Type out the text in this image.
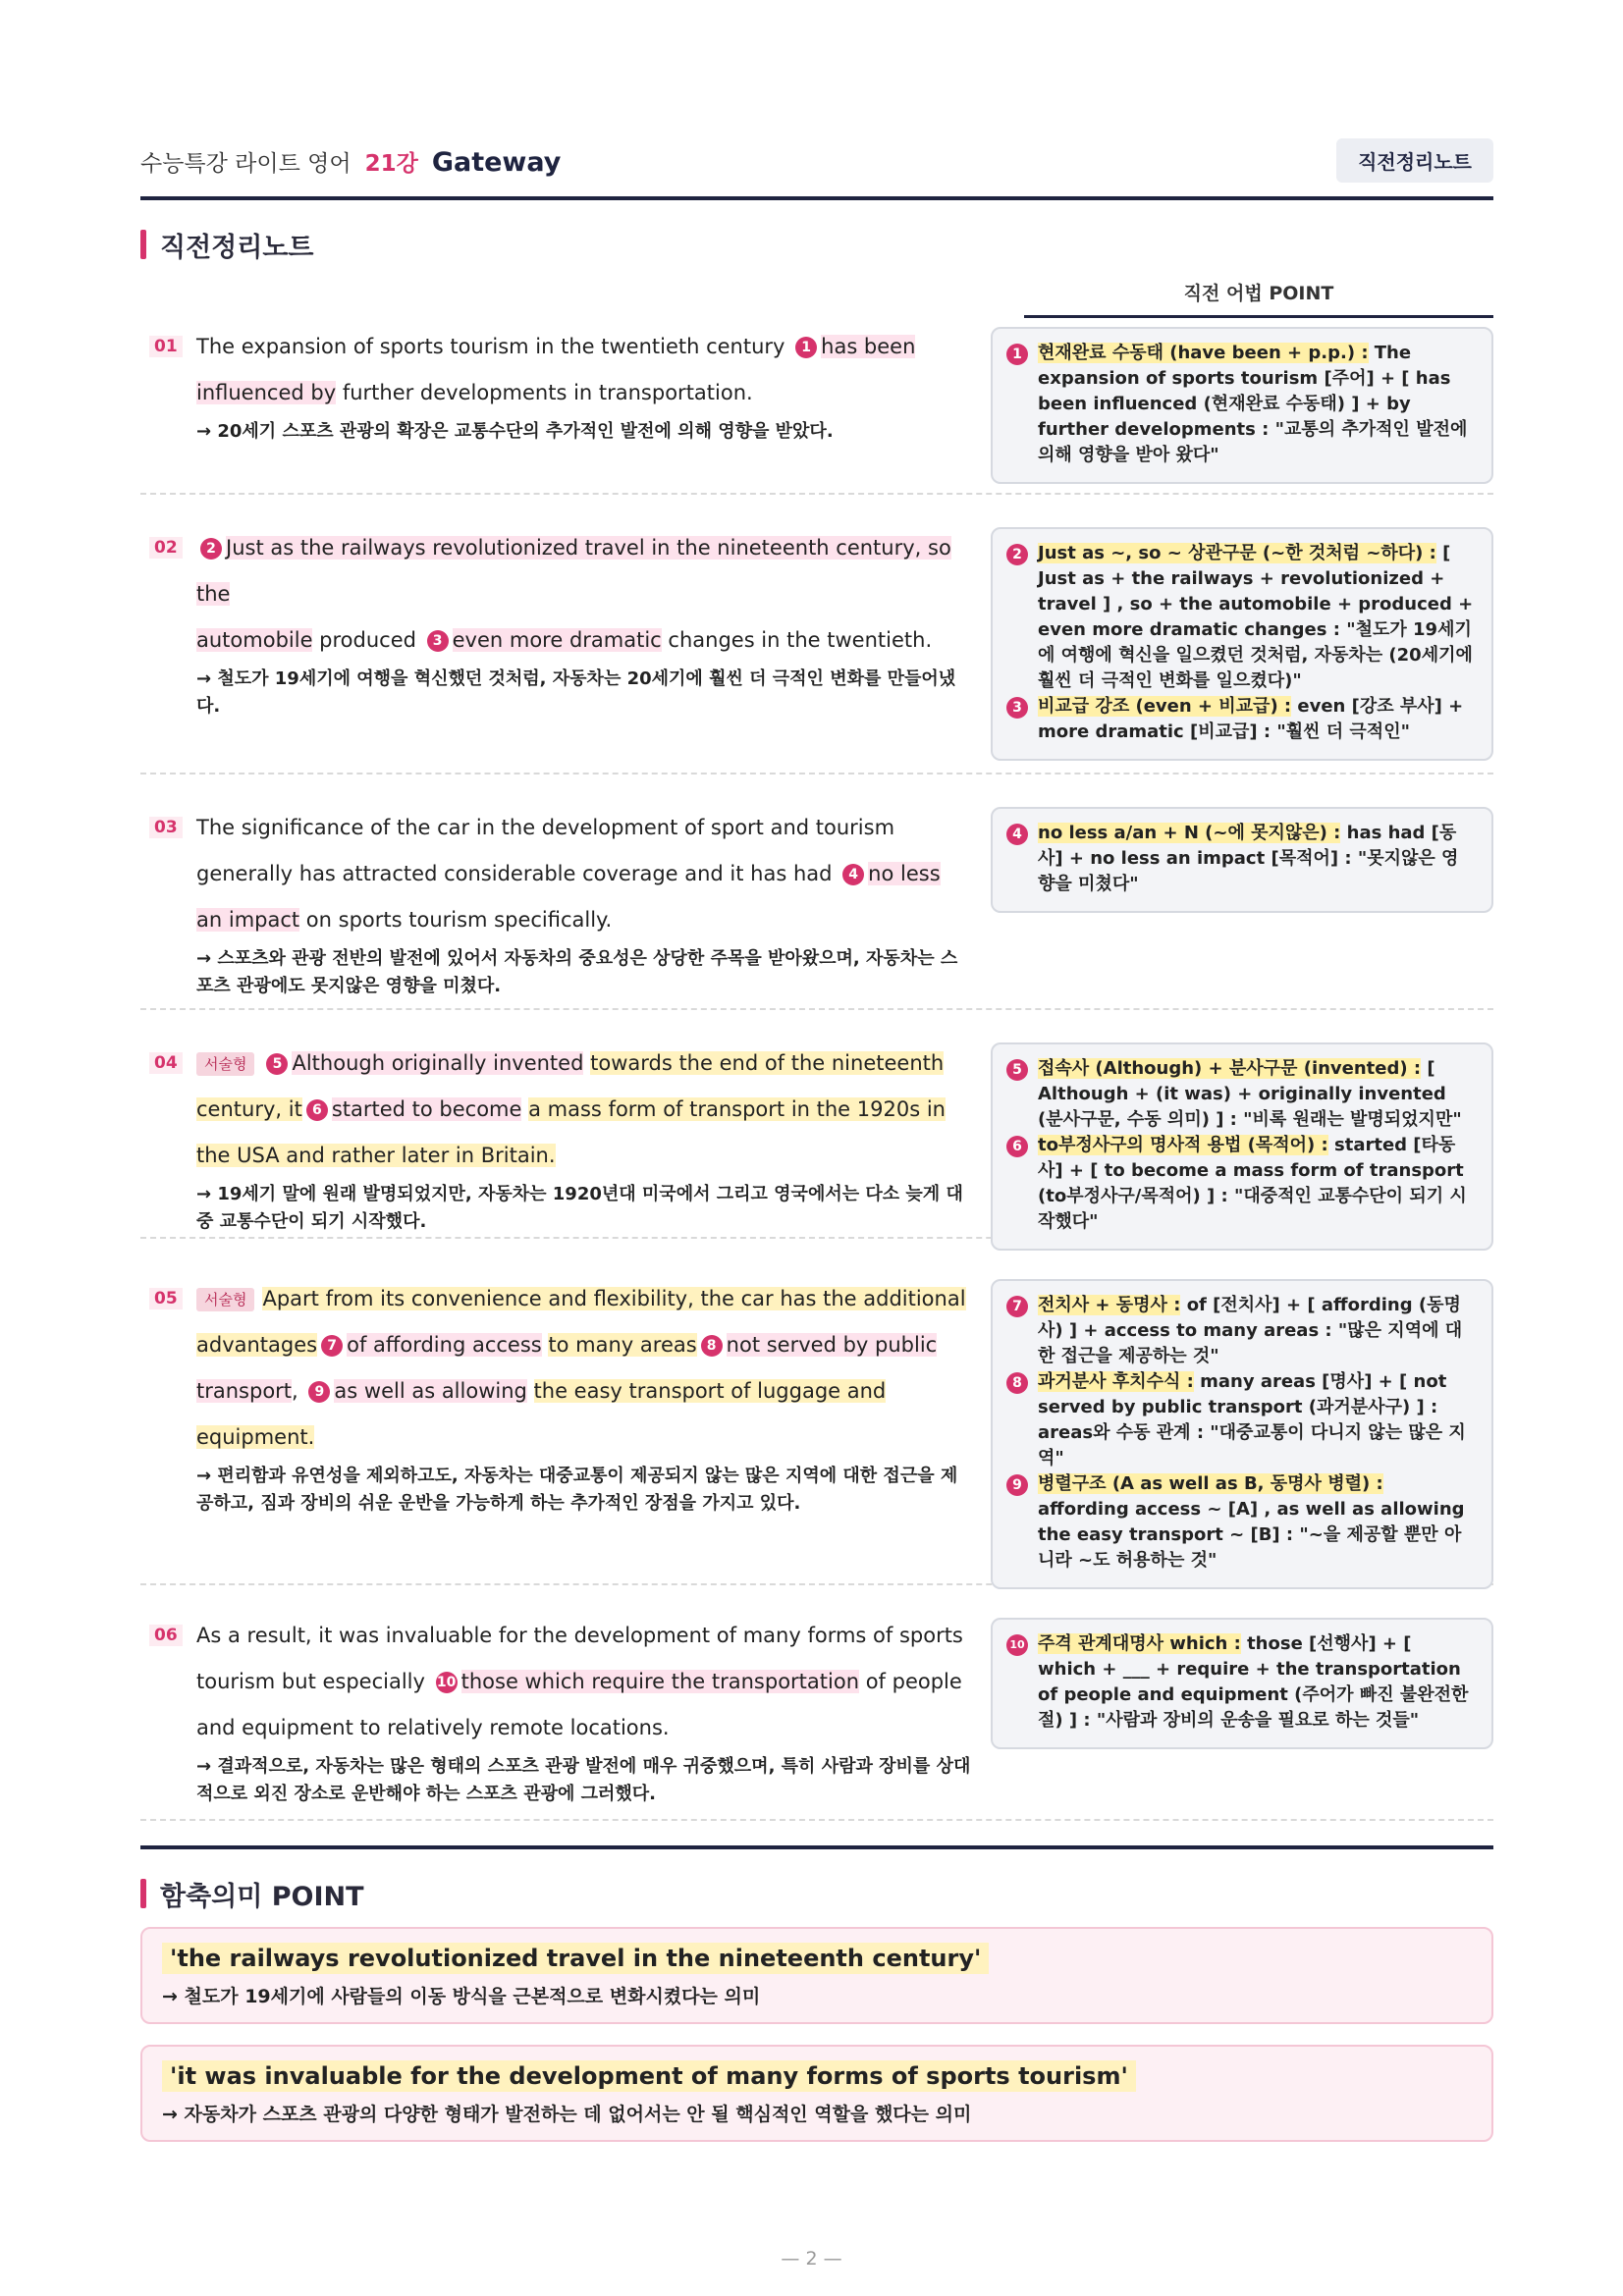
수능특강 라이트 영어 21강 Gateway	직전정리노트
직전정리노트
직전 어법 POINT
01 The expansion of sports tourism in the twentieth century 1 has been
influenced by further developments in transportation.
→ 20세기 스포츠 관광의 확장은 교통수단의 추가적인 발전에 의해 영향을 받았다.
1 현재완료 수동태 (have been + p.p.) : The expansion of sports tourism [주어] + [ has been influenced (현재완료 수동태) ] + by further developments : "교통의 추가적인 발전에 의해 영향을 받아 왔다"
02	2 Just as the railways revolutionized travel in the nineteenth century, so the
automobile produced 3 even more dramatic changes in the twentieth.
→ 철도가 19세기에 여행을 혁신했던 것처럼, 자동차는 20세기에 훨씬 더 극적인 변화를 만들어냈다.
2 Just as ~, so ~ 상관구문 (~한 것처럼 ~하다) : [ Just as + the railways + revolutionized + travel ] , so + the automobile + produced + even more dramatic changes : "철도가 19세기에 여행에 혁신을 일으켰던 것처럼, 자동차는 (20세기에 훨씬 더 극적인 변화를 일으켰다)"
3 비교급 강조 (even + 비교급) : even [강조 부사] + more dramatic [비교급] : "훨씬 더 극적인"
03 The significance of the car in the development of sport and tourism generally has attracted considerable coverage and it has had 4 no less an impact on sports tourism specifically.
→ 스포츠와 관광 전반의 발전에 있어서 자동차의 중요성은 상당한 주목을 받아왔으며, 자동차는 스포츠 관광에도 못지않은 영향을 미쳤다.
4 no less a/an + N (~에 못지않은) : has had [동사] + no less an impact [목적어] : "못지않은 영향을 미쳤다"
04	서술형 5 Although originally invented towards the end of the nineteenth century, it 6 started to become a mass form of transport in the 1920s in the USA and rather later in Britain.
→ 19세기 말에 원래 발명되었지만, 자동차는 1920년대 미국에서 그리고 영국에서는 다소 늦게 대중 교통수단이 되기 시작했다.
5 접속사 (Although) + 분사구문 (invented) : [ Although + (it was) + originally invented (분사구문, 수동 의미) ] : "비록 원래는 발명되었지만"
6 to부정사구의 명사적 용법 (목적어) : started [타동사] + [ to become a mass form of transport (to부정사구/목적어) ] : "대중적인 교통수단이 되기 시작했다"
05	서술형 Apart from its convenience and flexibility, the car has the additional advantages 7 of affording access to many areas 8 not served by public transport, 9 as well as allowing the easy transport of luggage and equipment.
→ 편리함과 유연성을 제외하고도, 자동차는 대중교통이 제공되지 않는 많은 지역에 대한 접근을 제공하고, 짐과 장비의 쉬운 운반을 가능하게 하는 추가적인 장점을 가지고 있다.
7 전치사 + 동명사 : of [전치사] + [ affording (동명사) ] + access to many areas : "많은 지역에 대한 접근을 제공하는 것"
8 과거분사 후치수식 : many areas [명사] + [ not served by public transport (과거분사구) ] : areas와 수동 관계 : "대중교통이 다니지 않는 많은 지역"
9 병렬구조 (A as well as B, 동명사 병렬) : affording access ~ [A] , as well as allowing the easy transport ~ [B] : "~을 제공할 뿐만 아니라 ~도 허용하는 것"
06 As a result, it was invaluable for the development of many forms of sports tourism but especially 10 those which require the transportation of people and equipment to relatively remote locations.
→ 결과적으로, 자동차는 많은 형태의 스포츠 관광 발전에 매우 귀중했으며, 특히 사람과 장비를 상대적으로 외진 장소로 운반해야 하는 스포츠 관광에 그러했다.
10 주격 관계대명사 which : those [선행사] + [ which + ___ + require + the transportation of people and equipment (주어가 빠진 불완전한 절) ] : "사람과 장비의 운송을 필요로 하는 것들"
함축의미 POINT
'the railways revolutionized travel in the nineteenth century'
→ 철도가 19세기에 사람들의 이동 방식을 근본적으로 변화시켰다는 의미
'it was invaluable for the development of many forms of sports tourism'
→ 자동차가 스포츠 관광의 다양한 형태가 발전하는 데 없어서는 안 될 핵심적인 역할을 했다는 의미
— 2 —
